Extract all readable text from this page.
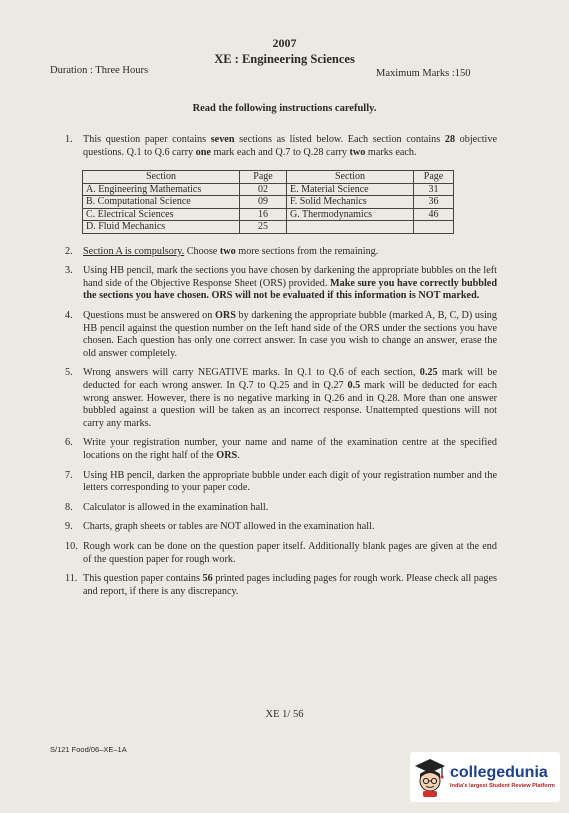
2007
XE : Engineering Sciences
Duration : Three Hours	Maximum Marks :150
Read the following instructions carefully.
1.	This question paper contains seven sections as listed below. Each section contains 28 objective questions. Q.1 to Q.6 carry one mark each and Q.7 to Q.28 carry two marks each.
Section	Page	Section	Page
A. Engineering Mathematics	02	E. Material Science	31
B. Computational Science	09	F. Solid Mechanics	36
C. Electrical Sciences	16	G. Thermodynamics	46
D. Fluid Mechanics	25		
2.	Section A is compulsory. Choose two more sections from the remaining.
3.	Using HB pencil, mark the sections you have chosen by darkening the appropriate bubbles on the left hand side of the Objective Response Sheet (ORS) provided. Make sure you have correctly bubbled the sections you have chosen. ORS will not be evaluated if this information is NOT marked.
4.	Questions must be answered on ORS by darkening the appropriate bubble (marked A, B, C, D) using HB pencil against the question number on the left hand side of the ORS under the sections you have chosen. Each question has only one correct answer. In case you wish to change an answer, erase the old answer completely.
5.	Wrong answers will carry NEGATIVE marks. In Q.1 to Q.6 of each section, 0.25 mark will be deducted for each wrong answer. In Q.7 to Q.25 and in Q.27 0.5 mark will be deducted for each wrong answer. However, there is no negative marking in Q.26 and in Q.28. More than one answer bubbled against a question will be taken as an incorrect response. Unattempted questions will not carry any marks.
6.	Write your registration number, your name and name of the examination centre at the specified locations on the right half of the ORS.
7.	Using HB pencil, darken the appropriate bubble under each digit of your registration number and the letters corresponding to your paper code.
8.	Calculator is allowed in the examination hall.
9.	Charts, graph sheets or tables are NOT allowed in the examination hall.
10. Rough work can be done on the question paper itself. Additionally blank pages are given at the end of the question paper for rough work.
11. This question paper contains 56 printed pages including pages for rough work. Please check all pages and report, if there is any discrepancy.
XE 1/ 56
S/121 Food/06–XE–1A
collegedunia
India's largest Student Review Platform
